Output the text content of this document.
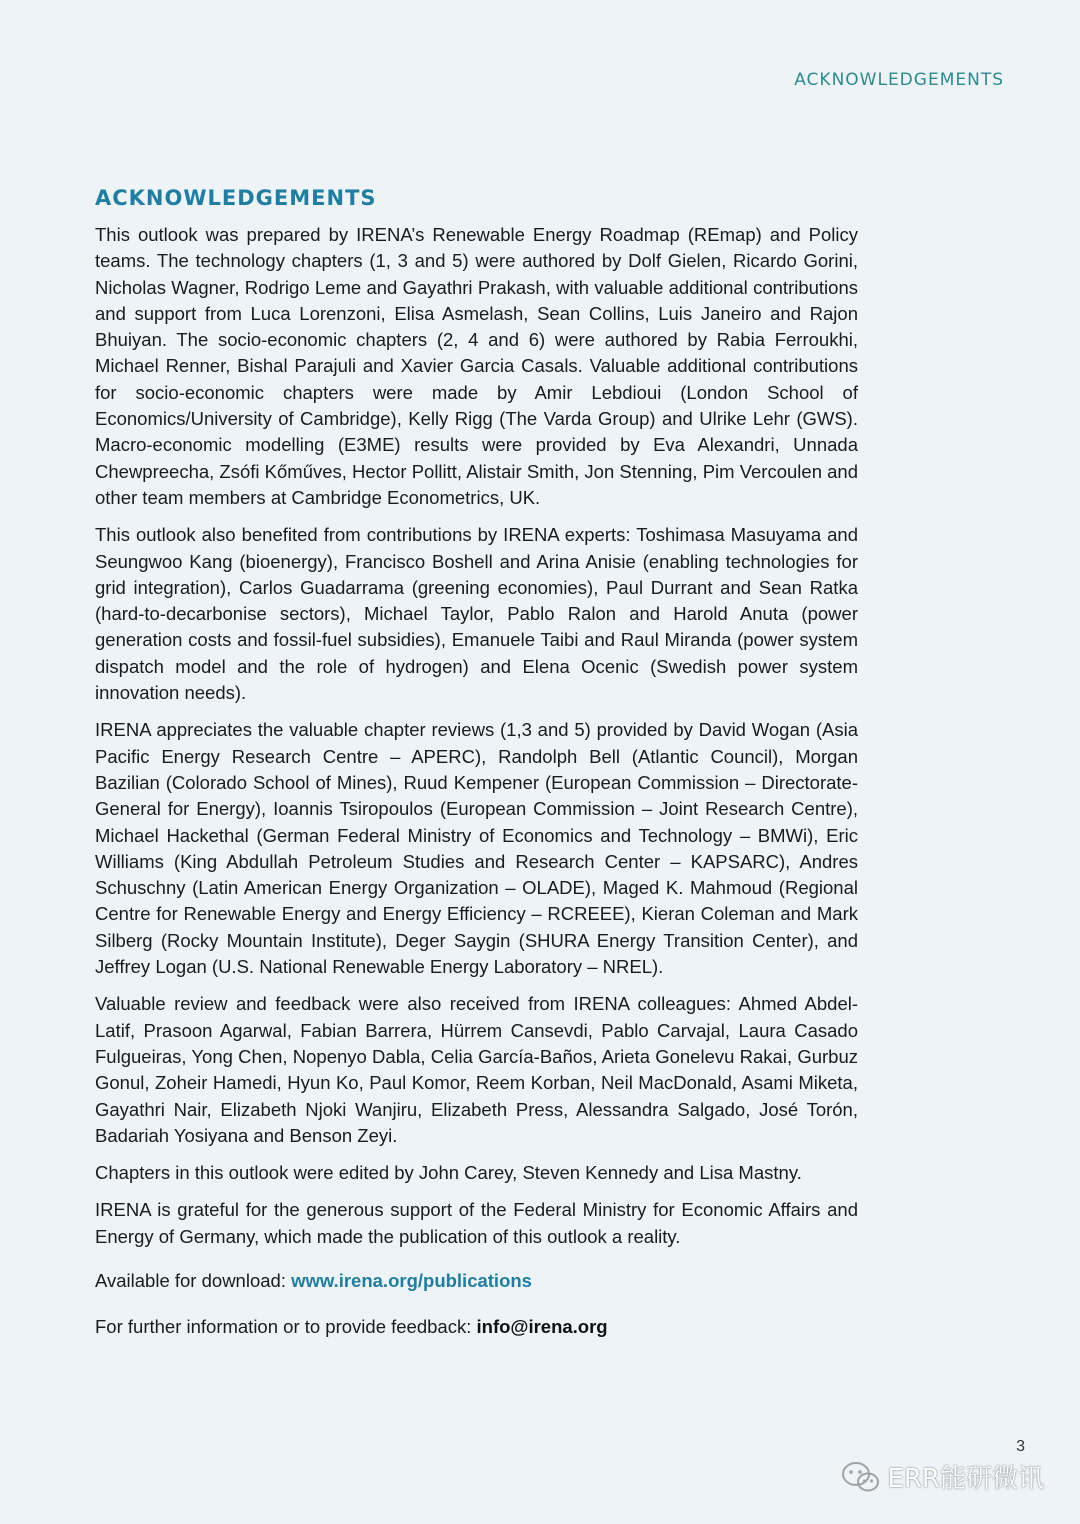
ACKNOWLEDGEMENTS
ACKNOWLEDGEMENTS

This outlook was prepared by IRENA’s Renewable Energy Roadmap (REmap) and Policy teams. The technology chapters (1, 3 and 5) were authored by Dolf Gielen, Ricardo Gorini, Nicholas Wagner, Rodrigo Leme and Gayathri Prakash, with valuable additional contributions and support from Luca Lorenzoni, Elisa Asmelash, Sean Collins, Luis Janeiro and Rajon Bhuiyan. The socio-economic chapters (2, 4 and 6) were authored by Rabia Ferroukhi, Michael Renner, Bishal Parajuli and Xavier Garcia Casals. Valuable additional contributions for socio-economic chapters were made by Amir Lebdioui (London School of Economics/University of Cambridge), Kelly Rigg (The Varda Group) and Ulrike Lehr (GWS). Macro-economic modelling (E3ME) results were provided by Eva Alexandri, Unnada Chewpreecha, Zsófi Kőműves, Hector Pollitt, Alistair Smith, Jon Stenning, Pim Vercoulen and other team members at Cambridge Econometrics, UK.

This outlook also benefited from contributions by IRENA experts: Toshimasa Masuyama and Seungwoo Kang (bioenergy), Francisco Boshell and Arina Anisie (enabling technologies for grid integration), Carlos Guadarrama (greening economies), Paul Durrant and Sean Ratka (hard-to-decarbonise sectors), Michael Taylor, Pablo Ralon and Harold Anuta (power generation costs and fossil-fuel subsidies), Emanuele Taibi and Raul Miranda (power system dispatch model and the role of hydrogen) and Elena Ocenic (Swedish power system innovation needs).

IRENA appreciates the valuable chapter reviews (1,3 and 5) provided by David Wogan (Asia Pacific Energy Research Centre – APERC), Randolph Bell (Atlantic Council), Morgan Bazilian (Colorado School of Mines), Ruud Kempener (European Commission – Directorate-General for Energy), Ioannis Tsiropoulos (European Commission – Joint Research Centre), Michael Hackethal (German Federal Ministry of Economics and Technology – BMWi), Eric Williams (King Abdullah Petroleum Studies and Research Center – KAPSARC), Andres Schuschny (Latin American Energy Organization – OLADE), Maged K. Mahmoud (Regional Centre for Renewable Energy and Energy Efficiency – RCREEE), Kieran Coleman and Mark Silberg (Rocky Mountain Institute), Deger Saygin (SHURA Energy Transition Center), and Jeffrey Logan (U.S. National Renewable Energy Laboratory – NREL).

Valuable review and feedback were also received from IRENA colleagues: Ahmed Abdel-Latif, Prasoon Agarwal, Fabian Barrera, Hürrem Cansevdi, Pablo Carvajal, Laura Casado Fulgueiras, Yong Chen, Nopenyo Dabla, Celia García-Baños, Arieta Gonelevu Rakai, Gurbuz Gonul, Zoheir Hamedi, Hyun Ko, Paul Komor, Reem Korban, Neil MacDonald, Asami Miketa, Gayathri Nair, Elizabeth Njoki Wanjiru, Elizabeth Press, Alessandra Salgado, José Torón, Badariah Yosiyana and Benson Zeyi.

Chapters in this outlook were edited by John Carey, Steven Kennedy and Lisa Mastny.

IRENA is grateful for the generous support of the Federal Ministry for Economic Affairs and Energy of Germany, which made the publication of this outlook a reality.

Available for download: www.irena.org/publications

For further information or to provide feedback: info@irena.org

3
ERR能研微讯
